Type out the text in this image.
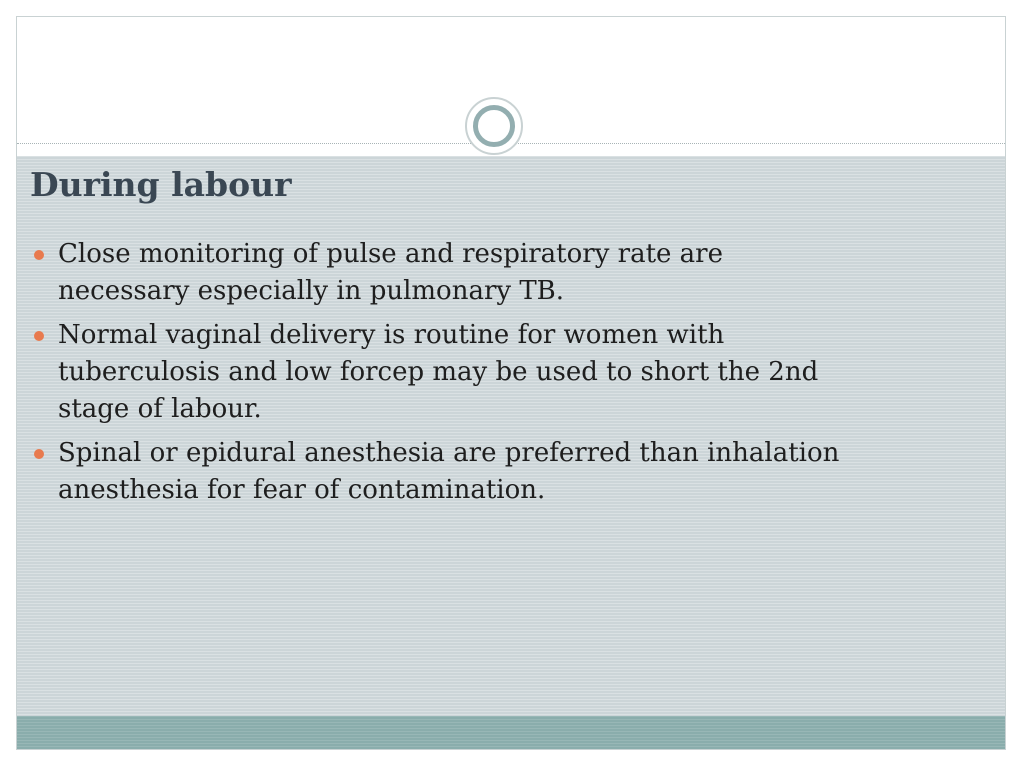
During labour
Close monitoring of pulse and respiratory rate are
necessary especially in pulmonary TB.
Normal vaginal delivery is routine for women with
tuberculosis and low forcep may be used to short the 2nd
stage of labour.
Spinal or epidural anesthesia are preferred than inhalation
anesthesia for fear of contamination.
